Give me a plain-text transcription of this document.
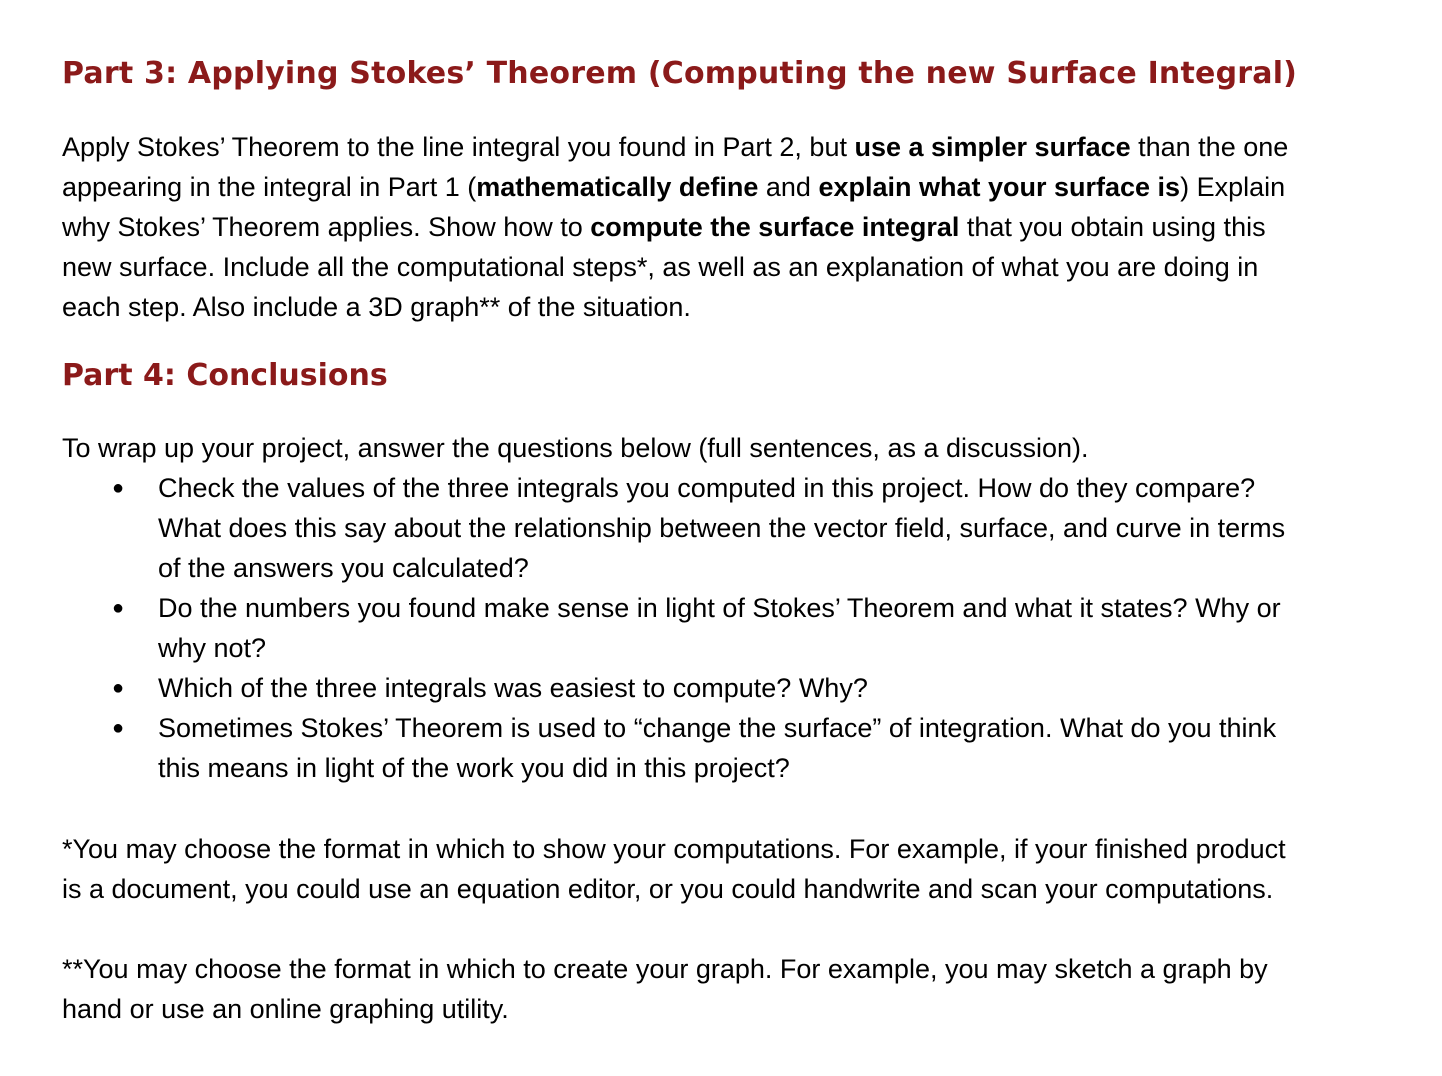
Part 3: Applying Stokes’ Theorem (Computing the new Surface Integral)

Apply Stokes’ Theorem to the line integral you found in Part 2, but use a simpler surface than the one appearing in the integral in Part 1 (mathematically define and explain what your surface is) Explain why Stokes’ Theorem applies. Show how to compute the surface integral that you obtain using this new surface. Include all the computational steps*, as well as an explanation of what you are doing in each step. Also include a 3D graph** of the situation.

Part 4: Conclusions

To wrap up your project, answer the questions below (full sentences, as a discussion).

● Check the values of the three integrals you computed in this project. How do they compare? What does this say about the relationship between the vector field, surface, and curve in terms of the answers you calculated?
● Do the numbers you found make sense in light of Stokes’ Theorem and what it states? Why or why not?
● Which of the three integrals was easiest to compute? Why?
● Sometimes Stokes’ Theorem is used to “change the surface” of integration. What do you think this means in light of the work you did in this project?

*You may choose the format in which to show your computations. For example, if your finished product is a document, you could use an equation editor, or you could handwrite and scan your computations.

**You may choose the format in which to create your graph. For example, you may sketch a graph by hand or use an online graphing utility.
